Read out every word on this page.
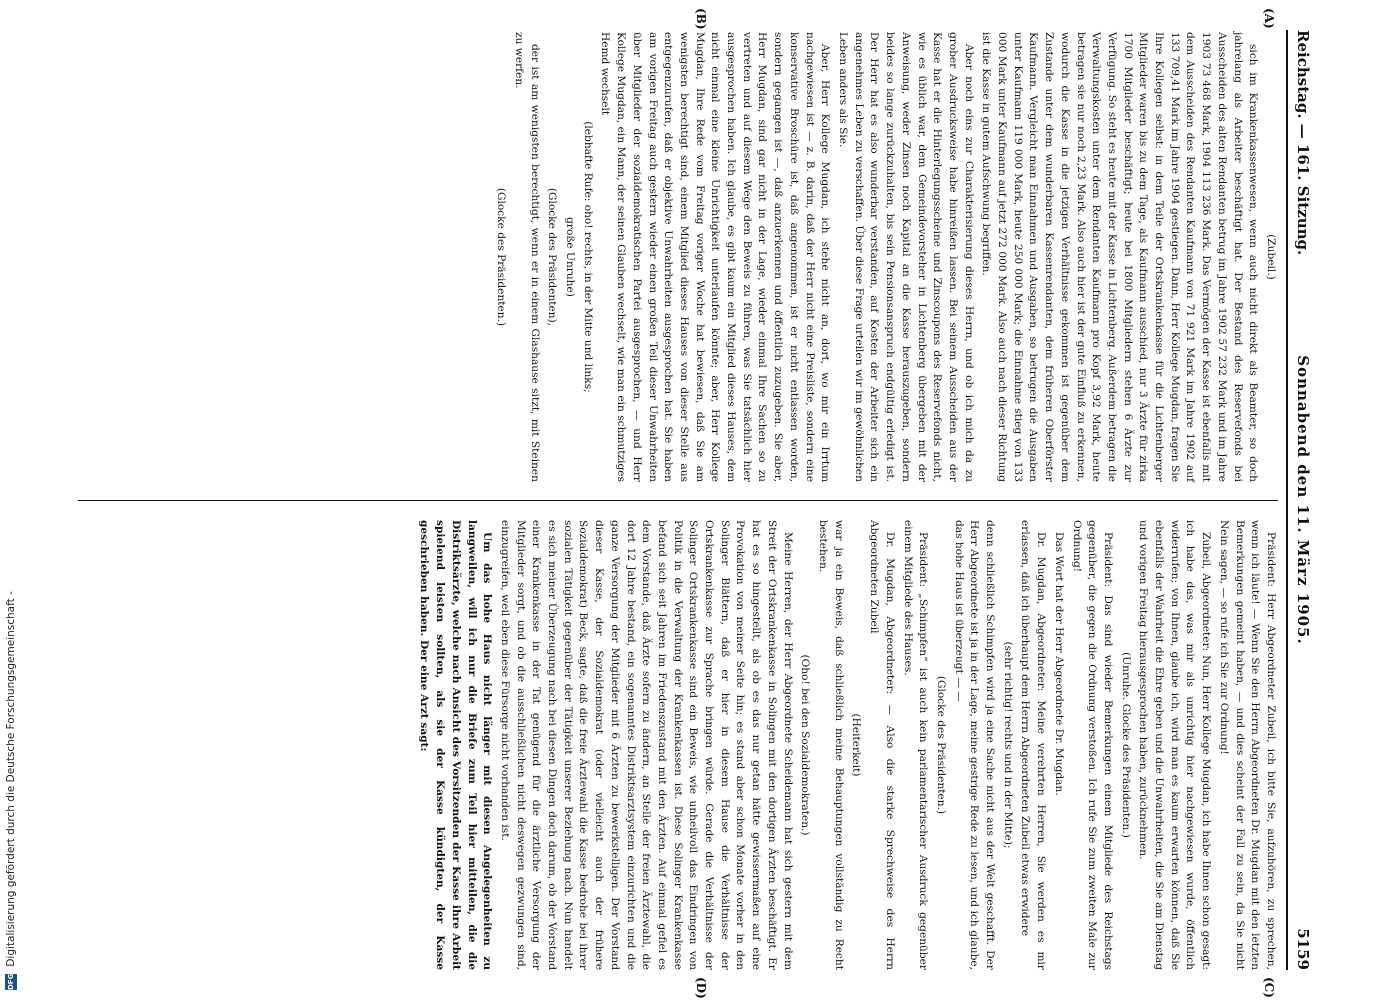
Reichstag. — 161. Sitzung.
Sonnabend den 11. März 1905.
5159
(A)
(B)
(C)
(D)

(Zubeil.)

sich im Krankenkassenwesen, wenn auch nicht direkt als Beamter, so doch jahrelang als Arbeiter beschäftigt hat. Der Bestand des Reservefonds bei Ausscheiden des alten Rendanten betrug im Jahre 1902 57 232 Mark und im Jahre 1903 73 468 Mark, 1904 113 236 Mark. Das Vermögen der Kasse ist ebenfalls mit dem Ausscheiden des Rendanten Kaufmann von 71 921 Mark im Jahre 1902 auf 133 709,41 Mark im Jahre 1904 gestiegen. Dann, Herr Kollege Mugdan, fragen Sie Ihre Kollegen selbst: in dem Teile der Ortskrankenkasse für die Lichtenberger Mitglieder waren bis zu dem Tage, als Kaufmann ausschied, nur 3 Ärzte für zirka 1700 Mitglieder beschäftigt; heute bei 1800 Mitgliedern stehen 6 Ärzte zur Verfügung. So steht es heute mit der Kasse in Lichtenberg. Außerdem betragen die Verwaltungskosten unter dem Rendanten Kaufmann pro Kopf 3,92 Mark, heute betragen sie nur noch 2,23 Mark. Also auch hier ist der gute Einfluß zu erkennen, wodurch die Kasse in die jetzigen Verhältnisse gekommen ist gegenüber dem Zustande unter dem wunderbaren Kassenrendanten, dem früheren Oberförster Kaufmann. Vergleicht man Einnahmen und Ausgaben, so betrugen die Ausgaben unter Kaufmann 119 000 Mark, heute 250 000 Mark; die Einnahme stieg von 133 000 Mark unter Kaufmann auf jetzt 272 000 Mark. Also auch nach dieser Richtung ist die Kasse in gutem Aufschwung begriffen.

Aber noch eins zur Charakterisierung dieses Herrn, und ob ich mich da zu grober Ausdrucksweise habe hinreißen lassen. Bei seinem Ausscheiden aus der Kasse hat er die Hinterlegungsscheine und Zinscoupons des Reservefonds nicht, wie es üblich war, dem Gemeindevorsteher in Lichtenberg übergeben mit der Anweisung, weder Zinsen noch Kapital an die Kasse herauszugeben, sondern beides so lange zurückzuhalten, bis sein Pensionsanspruch endgültig erledigt ist. Der Herr hat es also wunderbar verstanden, auf Kosten der Arbeiter sich ein angenehmes Leben zu verschaffen. Über diese Frage urteilen wir im gewöhnlichen Leben anders als Sie.

Aber, Herr Kollege Mugdan, ich stehe nicht an, dort, wo mir ein Irrtum nachgewiesen ist — z. B. darin, daß der Herr nicht eine Preisliste, sondern eine konservative Broschüre ist, daß angenommen, ist er nicht entlassen worden, sondern gegangen ist —, daß anzuerkennen und öffentlich zuzugeben. Sie aber, Herr Mugdan, sind gar nicht in der Lage, wieder einmal Ihre Sachen so zu vertreten und auf diesem Wege den Beweis zu führen, was Sie tatsächlich hier ausgesprochen haben. Ich glaube, es gibt kaum ein Mitglied dieses Hauses, dem nicht einmal eine kleine Unrichtigkeit unterlaufen könnte; aber, Herr Kollege Mugdan, Ihre Rede vom Freitag voriger Woche hat bewiesen, daß Sie am wenigsten berechtigt sind, einem Mitglied dieses Hauses von dieser Stelle aus entgegenzurufen, daß er objektive Unwahrheiten ausgesprochen hat. Sie haben am vorigen Freitag auch gestern wieder einen großen Teil dieser Unwahrheiten über Mitglieder der sozialdemokratischen Partei ausgesprochen, — und Herr Kollege Mugdan, ein Mann, der seinen Glauben wechselt, wie man ein schmutziges Hemd wechselt

(lebhafte Rufe: oho! rechts, in der Mitte und links;

große Unruhe)

(Glocke des Präsidenten),

der ist am wenigsten berechtigt, wenn er in einem Glashause sitzt, mit Steinen zu werfen.

(Glocke des Präsidenten.)

Präsident: Herr Abgeordneter Zubeil, ich bitte Sie, aufzuhören, zu sprechen, wenn ich läute! — Wenn Sie den Herrn Abgeordneten Dr. Mugdan mit den letzten Bemerkungen gemeint haben, — und dies scheint der Fall zu sein, da Sie nicht Nein sagen, — so rufe ich Sie zur Ordnung!

Zubeil, Abgeordneter: Nun, Herr Kollege Mugdan, ich habe Ihnen schon gesagt: ich habe das, was mir als unrichtig hier nachgewiesen wurde, öffentlich widerrufen; von Ihnen, glaube ich, wird man es kaum erwarten können, daß Sie ebenfalls der Wahrheit die Ehre geben und die Unwahrheiten, die Sie am Dienstag und vorigen Freitag hierausgesprochen haben, zurücknehmen.

(Unruhe. Glocke des Präsidenten.)

Präsident: Das sind wieder Bemerkungen einem Mitgliede des Reichstags gegenüber, die gegen die Ordnung verstoßen. Ich rufe Sie zum zweiten Male zur Ordnung!

Das Wort hat der Herr Abgeordnete Dr. Mugdan.

Dr. Mugdan, Abgeordneter: Meine verehrten Herren, Sie werden es mir erlassen, daß ich überhaupt dem Herrn Abgeordneten Zubeil etwas erwidere

(sehr richtig! rechts und in der Mitte);

denn schließlich Schimpfen wird ja eine Sache nicht aus der Welt geschafft. Der Herr Abgeordnete ist ja in der Lage, meine gestrige Rede zu lesen, und ich glaube, das hohe Haus ist überzeugt — —

(Glocke des Präsidenten.)

Präsident: „Schimpfen“ ist auch kein parlamentarischer Ausdruck gegenüber einem Mitgliede des Hauses.

Dr. Mugdan, Abgeordneter: — Also die starke Sprechweise des Herrn Abgeordneten Zubeil

(Heiterkeit)

war ja ein Beweis, daß schließlich meine Behauptungen vollständig zu Recht bestehen.

(Oho! bei den Sozialdemokraten.)

Meine Herren, der Herr Abgeordnete Scheidemann hat sich gestern mit dem Streit der Ortskrankenkasse in Solingen mit den dortigen Ärzten beschäftigt. Er hat es so hingestellt, als ob es das nur getan hätte gewissermaßen auf eine Provokation von meiner Seite hin; es stand aber schon Monate vorher in den Solinger Blättern, daß er hier in diesem Hause die Verhältnisse der Ortskrankenkasse zur Sprache bringen würde. Gerade die Verhältnisse der Solinger Ortskrankenkasse sind ein Beweis, wie unheilvoll das Eindringen von Politik in die Verwaltung der Krankenkassen ist. Diese Solinger Krankenkasse befand sich seit Jahren im Friedenszustand mit den Ärzten. Auf einmal gefiel es dem Vorstande, daß Ärzte sofern zu ändern, an Stelle der freien Ärztewahl, die dort 12 Jahre bestand, ein sogenanntes Distriktsarztsystem einzurichten und die ganze Versorgung der Mitglieder mit 6 Ärzten zu bewerkstelligen. Der Vorstand dieser Kasse, der Sozialdemokrat (oder vielleicht auch der frühere Sozialdemokrat) Beck, sagte, daß die freie Ärztewahl die Kasse bedrohe bei ihrer sozialen Tätigkeit gegenüber der Tätigkeit unserer Beziehung nach. Nun handelt es sich meiner Überzeugung nach bei diesen Dingen doch darum, ob der Vorstand einer Krankenkasse in der Tat genügend für die ärztliche Versorgung der Mitglieder sorgt, und ob die ausschließlichen nicht deswegen gezwungen sind, einzugreifen, weil eben diese Fürsorge nicht vorhanden ist.

Um das hohe Haus nicht länger mit diesen Angelegenheiten zu langweilen, will ich nur die Briefe zum Teil hier mitteilen, die die Distriktsärzte, welche nach Ansicht des Vorsitzenden der Kasse ihre Arbeit spielend leisten sollten, als sie der Kasse kündigten, der Kasse geschrieben haben. Der eine Arzt sagt:

DFG Digitalisierung gefördert durch die Deutsche Forschungsgemeinschaft -
